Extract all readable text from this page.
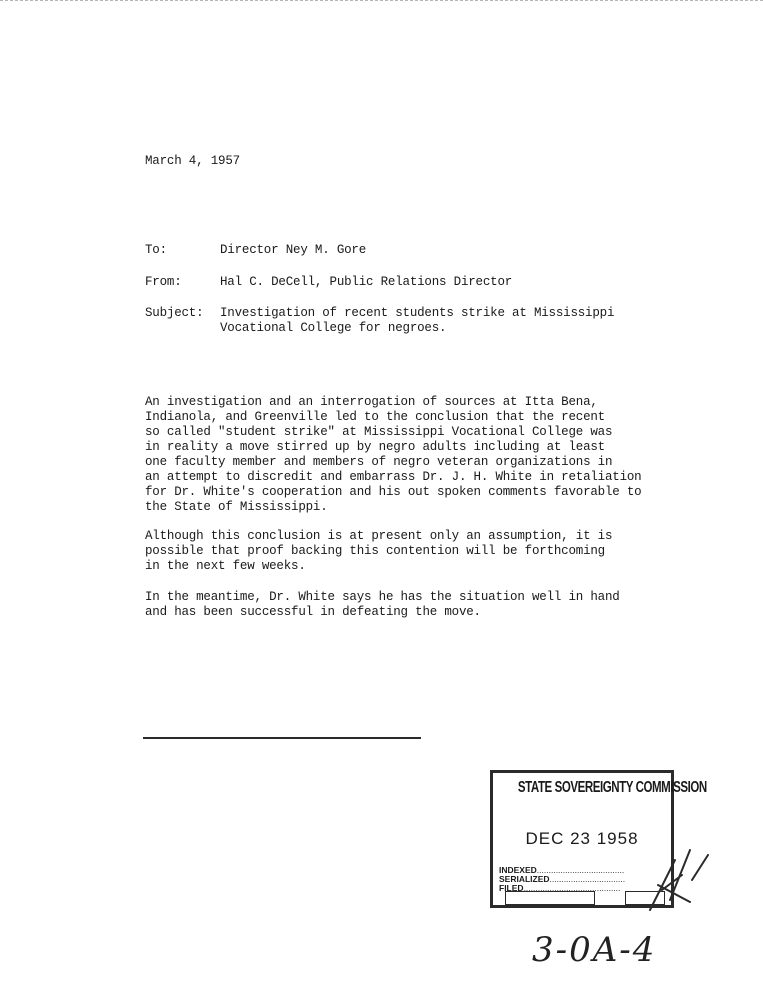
March 4, 1957
To:	Director Ney M. Gore
From:	Hal C. DeCell, Public Relations Director
Subject: Investigation of recent students strike at Mississippi
Vocational College for negroes.
An investigation and an interrogation of sources at Itta Bena,
Indianola, and Greenville led to the conclusion that the recent
so called "student strike" at Mississippi Vocational College was
in reality a move stirred up by negro adults including at least
one faculty member and members of negro veteran organizations in
an attempt to discredit and embarrass Dr. J. H. White in retaliation
for Dr. White's cooperation and his out spoken comments favorable to
the State of Mississippi.
Although this conclusion is at present only an assumption, it is
possible that proof backing this contention will be forthcoming
in the next few weeks.
In the meantime, Dr. White says he has the situation well in hand
and has been successful in defeating the move.
STATE SOVEREIGNTY COMMISSION
DEC 23 1958
INDEXED.....................................
SERIALIZED................................
FILED.........................................
3-0A-4
